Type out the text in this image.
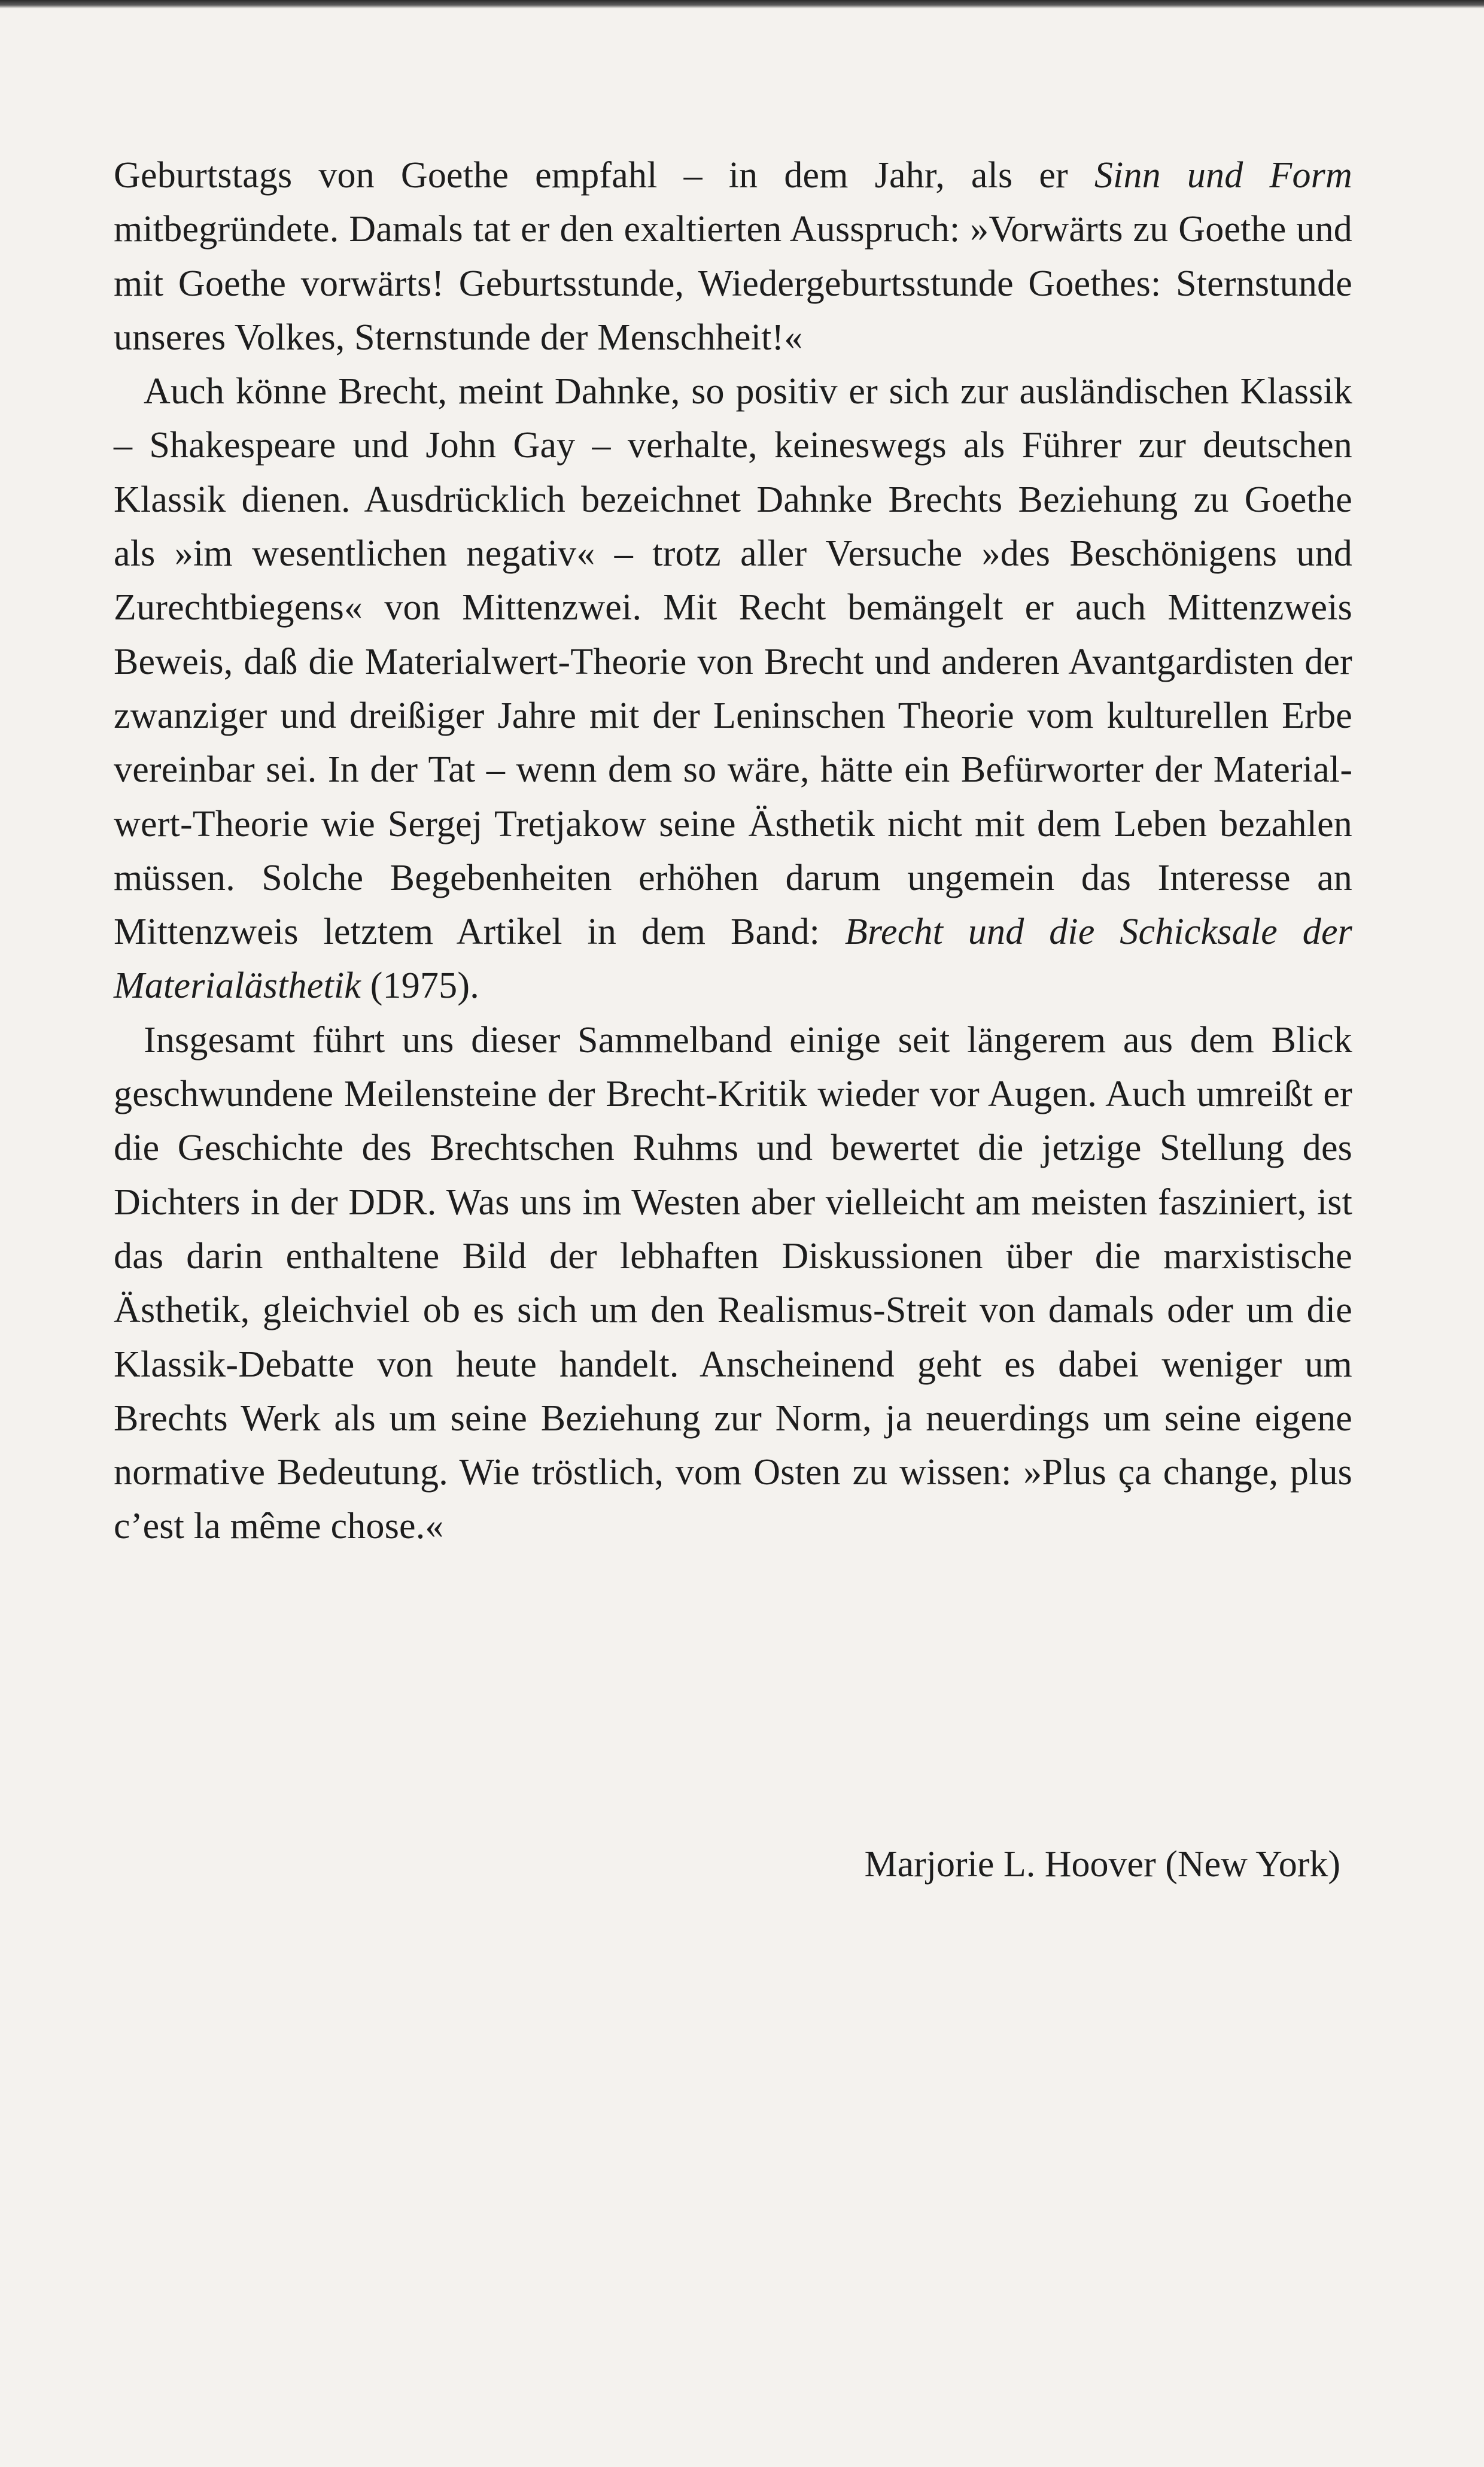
Geburtstags von Goethe empfahl – in dem Jahr, als er Sinn und Form mitbegründete. Damals tat er den exaltierten Ausspruch: »Vorwärts zu Goethe und mit Goethe vorwärts! Geburtsstunde, Wiedergeburtsstunde Goethes: Sternstunde unseres Volkes, Sternstunde der Menschheit!«

Auch könne Brecht, meint Dahnke, so positiv er sich zur ausländischen Klassik – Shakespeare und John Gay – verhalte, keineswegs als Führer zur deutschen Klassik dienen. Ausdrücklich bezeichnet Dahnke Brechts Beziehung zu Goethe als »im wesentlichen negativ« – trotz aller Versuche »des Beschönigens und Zurechtbiegens« von Mittenzwei. Mit Recht bemängelt er auch Mittenzweis Beweis, daß die Materialwert-Theorie von Brecht und anderen Avantgardisten der zwanziger und dreißiger Jahre mit der Leninschen Theorie vom kulturellen Erbe vereinbar sei. In der Tat – wenn dem so wäre, hätte ein Befürworter der Materialwert-Theorie wie Sergej Tretjakow seine Ästhetik nicht mit dem Leben bezahlen müssen. Solche Begebenheiten erhöhen darum ungemein das Interesse an Mittenzweis letztem Artikel in dem Band: Brecht und die Schicksale der Materialästhetik (1975).

Insgesamt führt uns dieser Sammelband einige seit längerem aus dem Blick geschwundene Meilensteine der Brecht-Kritik wieder vor Augen. Auch umreißt er die Geschichte des Brechtschen Ruhms und bewertet die jetzige Stellung des Dichters in der DDR. Was uns im Westen aber vielleicht am meisten fasziniert, ist das darin enthaltene Bild der lebhaften Diskussionen über die marxistische Ästhetik, gleichviel ob es sich um den Realismus-Streit von damals oder um die Klassik-Debatte von heute handelt. Anscheinend geht es dabei weniger um Brechts Werk als um seine Beziehung zur Norm, ja neuerdings um seine eigene normative Bedeutung. Wie tröstlich, vom Osten zu wissen: »Plus ça change, plus c’est la même chose.«

Marjorie L. Hoover (New York)
